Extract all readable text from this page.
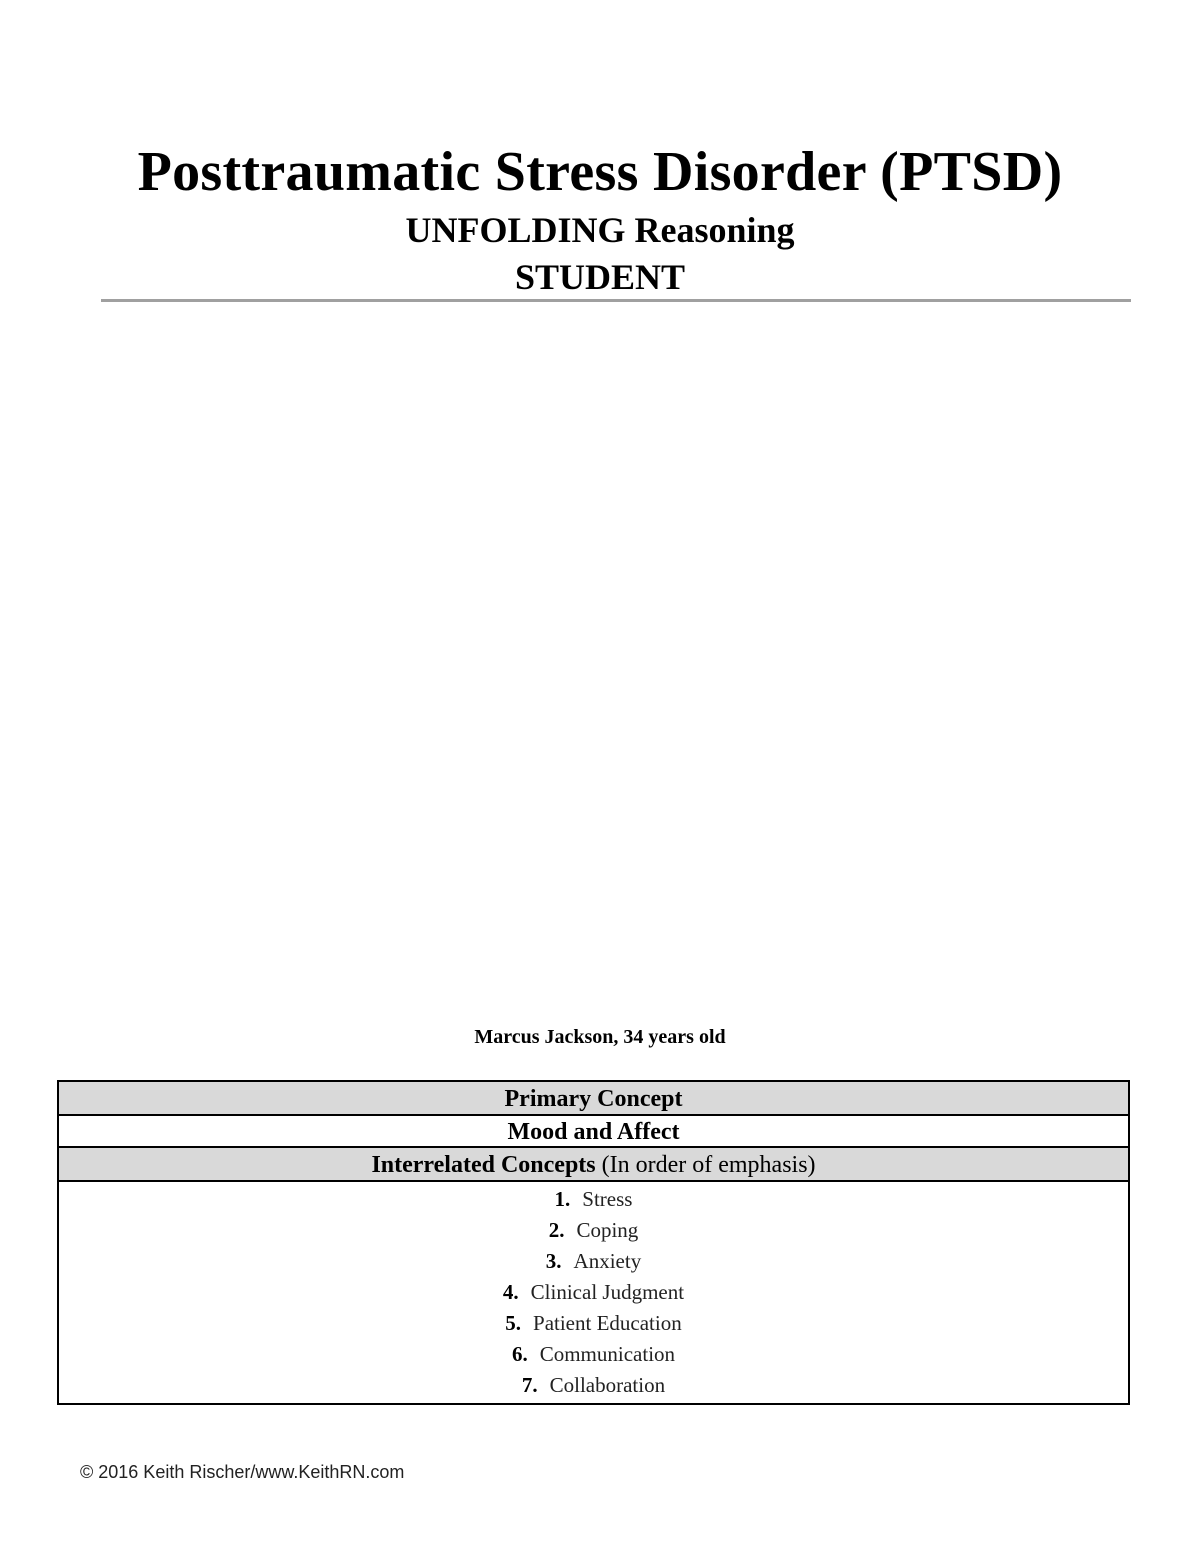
Posttraumatic Stress Disorder (PTSD)
UNFOLDING Reasoning
STUDENT
Marcus Jackson, 34 years old
Primary Concept
Mood and Affect
Interrelated Concepts (In order of emphasis)
1. Stress
2. Coping
3. Anxiety
4. Clinical Judgment
5. Patient Education
6. Communication
7. Collaboration
© 2016 Keith Rischer/www.KeithRN.com
